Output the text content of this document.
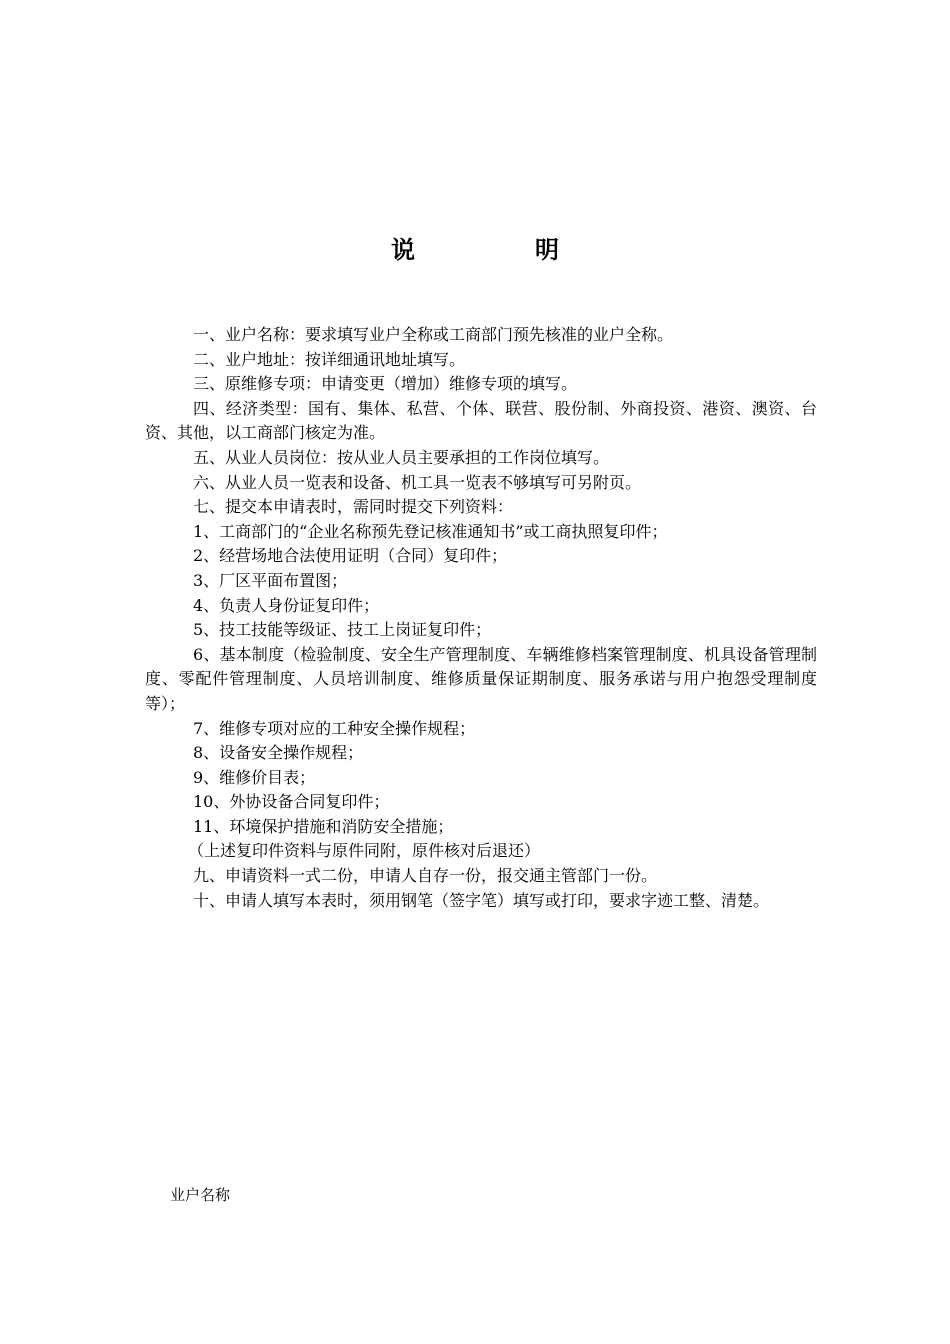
说　明

一、业户名称：要求填写业户全称或工商部门预先核准的业户全称。

二、业户地址：按详细通讯地址填写。

三、原维修专项：申请变更（增加）维修专项的填写。

四、经济类型：国有、集体、私营、个体、联营、股份制、外商投资、港资、澳资、台资、其他，以工商部门核定为准。

五、从业人员岗位：按从业人员主要承担的工作岗位填写。

六、从业人员一览表和设备、机工具一览表不够填写可另附页。

七、提交本申请表时，需同时提交下列资料：

1、工商部门的“企业名称预先登记核准通知书”或工商执照复印件；

2、经营场地合法使用证明（合同）复印件；

3、厂区平面布置图；

4、负责人身份证复印件；

5、技工技能等级证、技工上岗证复印件；

6、基本制度（检验制度、安全生产管理制度、车辆维修档案管理制度、机具设备管理制度、零配件管理制度、人员培训制度、维修质量保证期制度、服务承诺与用户抱怨受理制度等）；

7、维修专项对应的工种安全操作规程；

8、设备安全操作规程；

9、维修价目表；

10、外协设备合同复印件；

11、环境保护措施和消防安全措施；

（上述复印件资料与原件同附，原件核对后退还）

九、申请资料一式二份，申请人自存一份，报交通主管部门一份。

十、申请人填写本表时，须用钢笔（签字笔）填写或打印，要求字迹工整、清楚。

业户名称
